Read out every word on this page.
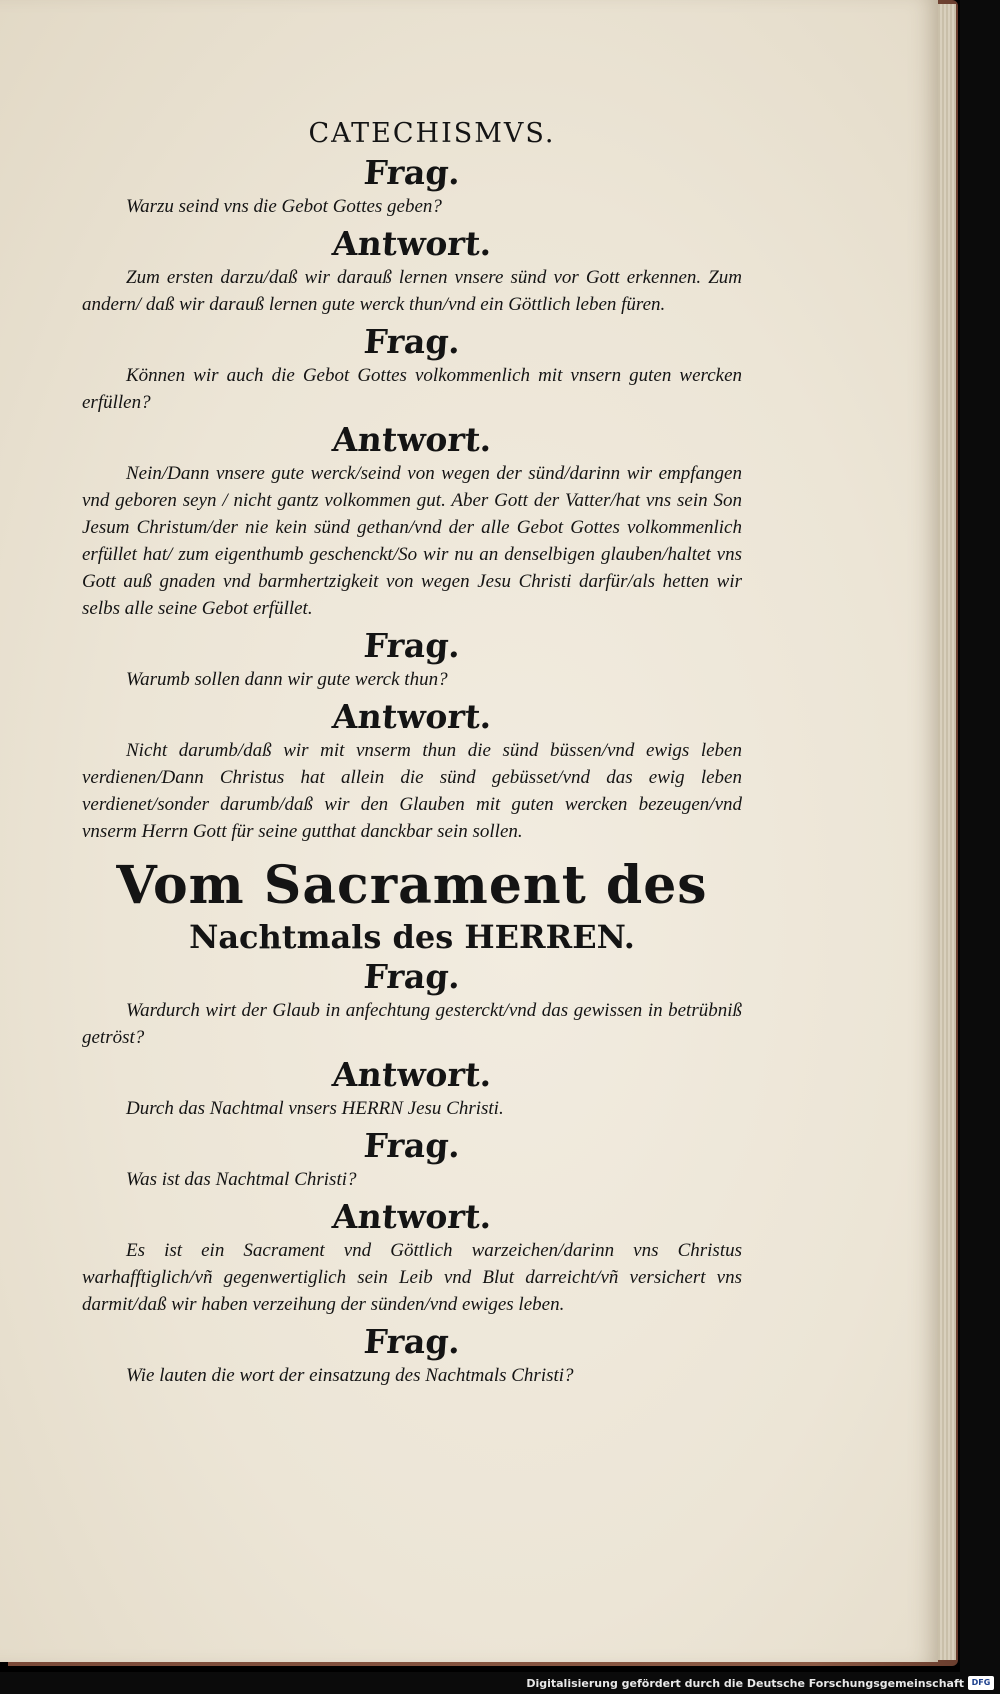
CATECHISMVS.
Frag.
Warzu seind vns die Gebot Gottes geben?
Antwort.
Zum ersten darzu/daß wir darauß lernen vnsere sünd vor Gott erkennen. Zum andern/ daß wir darauß lernen gute werck thun/vnd ein Göttlich leben füren.
Frag.
Können wir auch die Gebot Gottes volkommenlich mit vnsern guten wercken erfüllen?
Antwort.
Nein/Dann vnsere gute werck/seind von wegen der sünd/darinn wir empfangen vnd geboren seyn / nicht gantz volkommen gut. Aber Gott der Vatter/hat vns sein Son Jesum Christum/der nie kein sünd gethan/vnd der alle Gebot Gottes volkommenlich erfüllet hat/ zum eigenthumb geschenckt/So wir nu an denselbigen glauben/haltet vns Gott auß gnaden vnd barmhertzigkeit von wegen Jesu Christi darfür/als hetten wir selbs alle seine Gebot erfüllet.
Frag.
Warumb sollen dann wir gute werck thun?
Antwort.
Nicht darumb/daß wir mit vnserm thun die sünd büssen/vnd ewigs leben verdienen/Dann Christus hat allein die sünd gebüsset/vnd das ewig leben verdienet/sonder darumb/daß wir den Glauben mit guten wercken bezeugen/vnd vnserm Herrn Gott für seine gutthat danckbar sein sollen.
Vom Sacrament des
Nachtmals des HERREN.
Frag.
Wardurch wirt der Glaub in anfechtung gesterckt/vnd das gewissen in betrübniß getröst?
Antwort.
Durch das Nachtmal vnsers HERRN Jesu Christi.
Frag.
Was ist das Nachtmal Christi?
Antwort.
Es ist ein Sacrament vnd Göttlich warzeichen/darinn vns Christus warhafftiglich/vñ gegenwertiglich sein Leib vnd Blut darreicht/vñ versichert vns darmit/daß wir haben verzeihung der sünden/vnd ewiges leben.
Frag.
Wie lauten die wort der einsatzung des Nachtmals Christi?
Digitalisierung gefördert durch die Deutsche Forschungsgemeinschaft DFG
